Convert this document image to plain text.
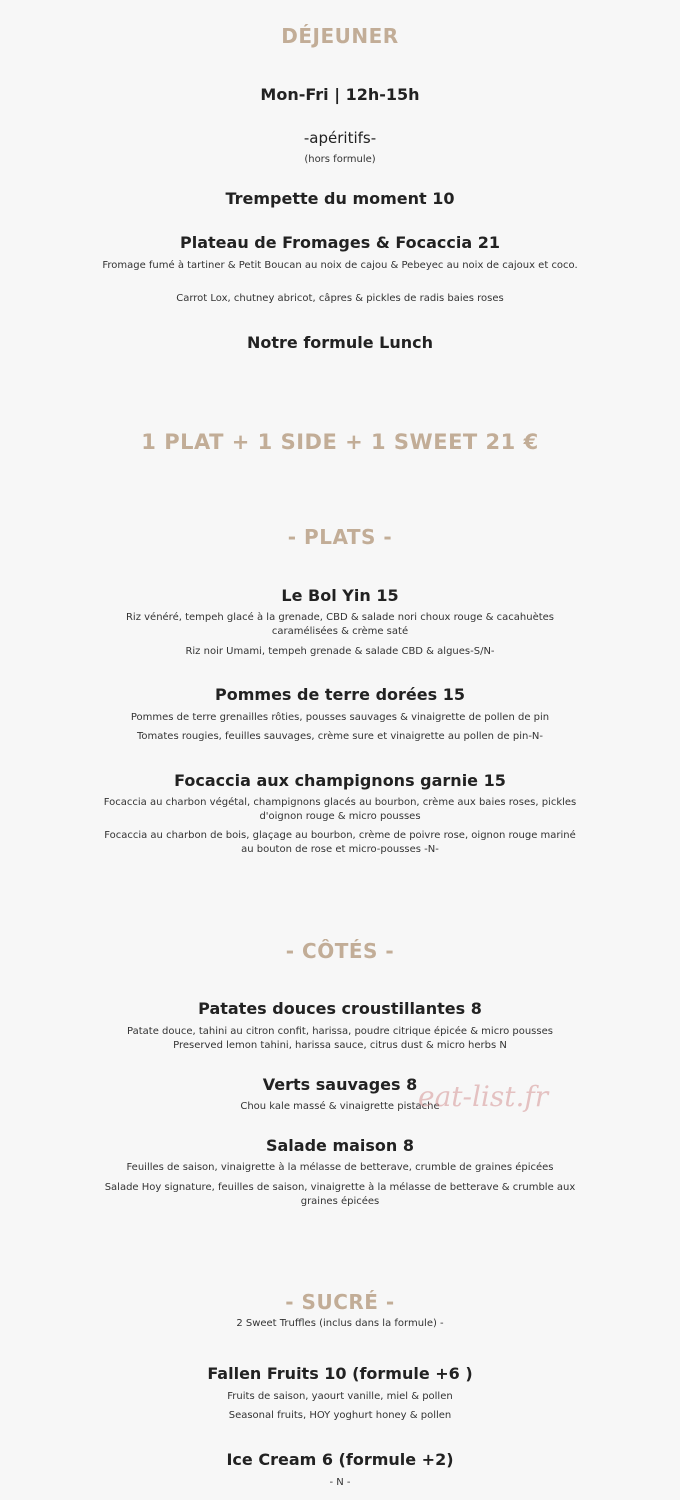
DÉJEUNER
Mon-Fri | 12h-15h
-apéritifs-
(hors formule)
Trempette du moment 10
Plateau de Fromages & Focaccia 21
Fromage fumé à tartiner & Petit Boucan au noix de cajou & Pebeyec au noix de cajoux et coco.
Carrot Lox, chutney abricot, câpres & pickles de radis baies roses
Notre formule Lunch
1 PLAT + 1 SIDE + 1 SWEET 21 €
- PLATS -
Le Bol Yin 15
Riz vénéré, tempeh glacé à la grenade, CBD & salade nori choux rouge & cacahuètes caramélisées & crème saté
Riz noir Umami, tempeh grenade & salade CBD & algues-S/N-
Pommes de terre dorées 15
Pommes de terre grenailles rôties, pousses sauvages & vinaigrette de pollen de pin
Tomates rougies, feuilles sauvages, crème sure et vinaigrette au pollen de pin-N-
Focaccia aux champignons garnie 15
Focaccia au charbon végétal, champignons glacés au bourbon, crème aux baies roses, pickles d'oignon rouge & micro pousses
Focaccia au charbon de bois, glaçage au bourbon, crème de poivre rose, oignon rouge mariné au bouton de rose et micro-pousses -N-
- CÔTÉS -
Patates douces croustillantes 8
Patate douce, tahini au citron confit, harissa, poudre citrique épicée & micro pousses
Preserved lemon tahini, harissa sauce, citrus dust & micro herbs N
Verts sauvages 8
Chou kale massé & vinaigrette pistache
Salade maison 8
Feuilles de saison, vinaigrette à la mélasse de betterave, crumble de graines épicées
Salade Hoy signature, feuilles de saison, vinaigrette à la mélasse de betterave & crumble aux graines épicées
- SUCRÉ -
2 Sweet Truffles (inclus dans la formule) -
Fallen Fruits 10 (formule +6 )
Fruits de saison, yaourt vanille, miel & pollen
Seasonal fruits, HOY yoghurt honey & pollen
Ice Cream 6 (formule +2)
- N -
eat-list.fr
